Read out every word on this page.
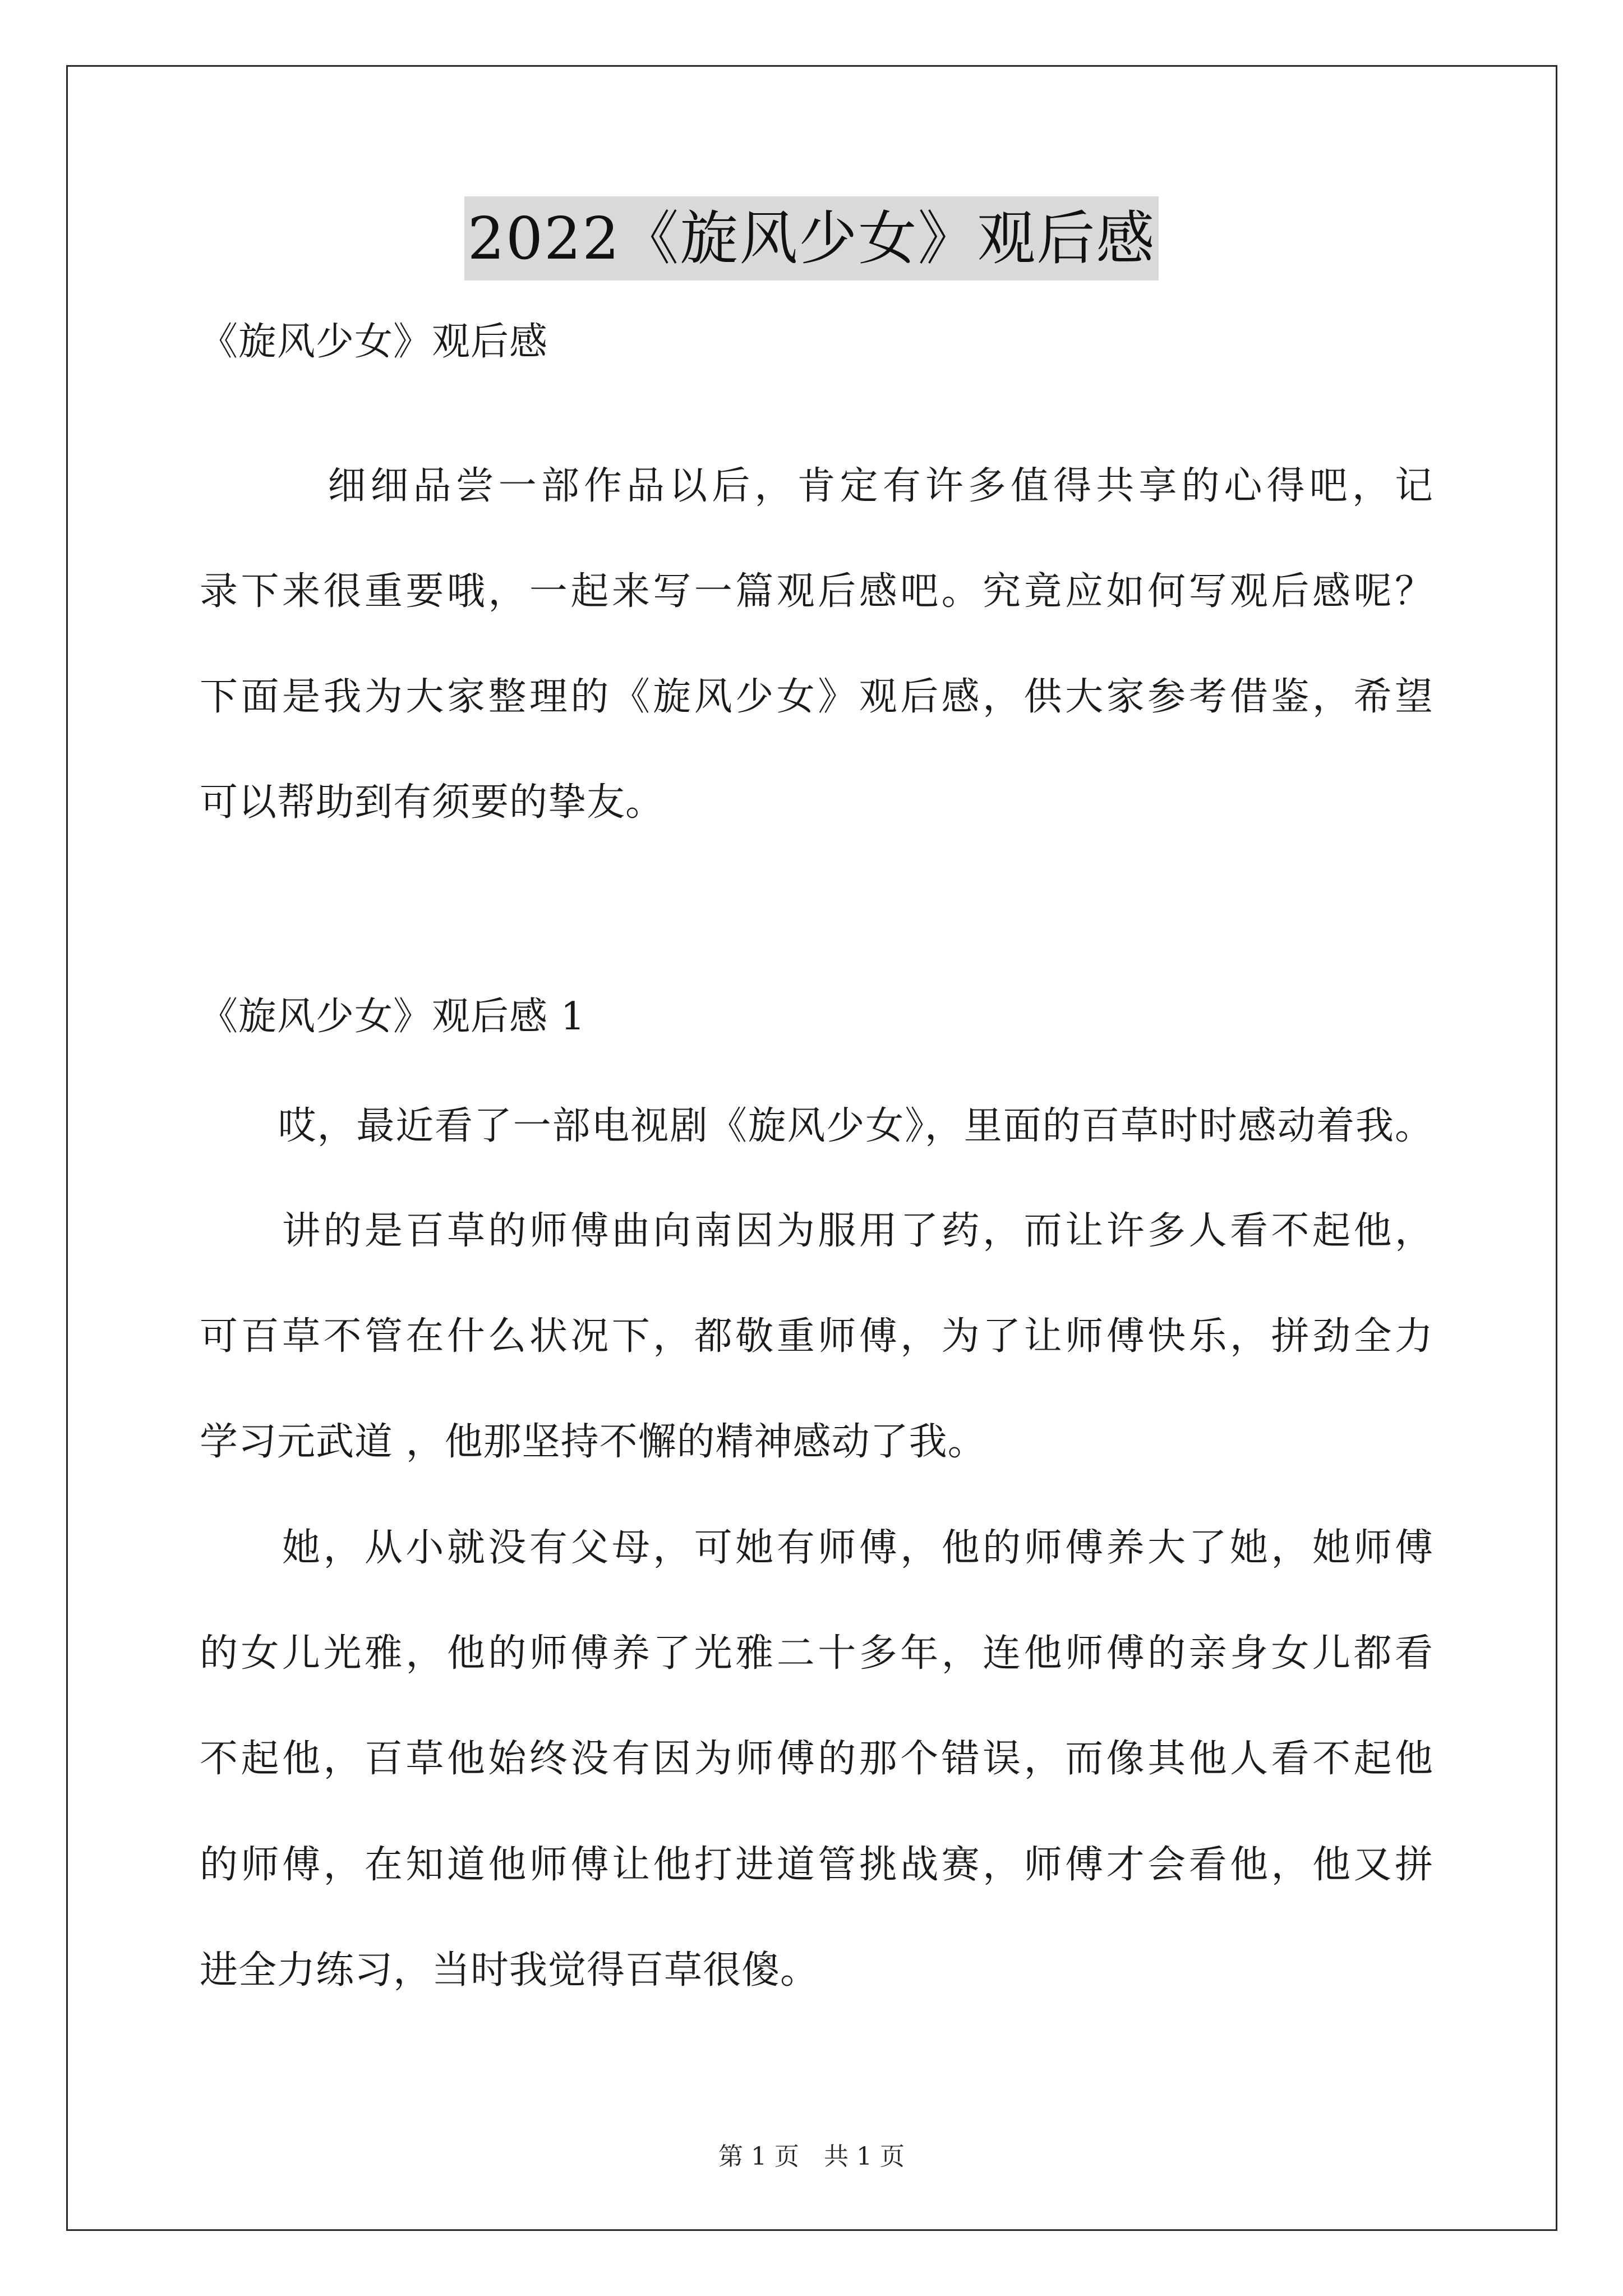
2022《旋风少女》观后感
《旋风少女》观后感
　　　细细品尝一部作品以后，肯定有许多值得共享的心得吧，记
录下来很重要哦，一起来写一篇观后感吧。究竟应如何写观后感呢？
下面是我为大家整理的《旋风少女》观后感，供大家参考借鉴，希望
可以帮助到有须要的挚友。
《旋风少女》观后感 1
　　哎，最近看了一部电视剧《旋风少女》，里面的百草时时感动着我。
　　讲的是百草的师傅曲向南因为服用了药，而让许多人看不起他，
可百草不管在什么状况下，都敬重师傅，为了让师傅快乐，拼劲全力
学习元武道 ，他那坚持不懈的精神感动了我。
　　她，从小就没有父母，可她有师傅，他的师傅养大了她，她师傅
的女儿光雅，他的师傅养了光雅二十多年，连他师傅的亲身女儿都看
不起他，百草他始终没有因为师傅的那个错误，而像其他人看不起他
的师傅，在知道他师傅让他打进道管挑战赛，师傅才会看他，他又拼
进全力练习，当时我觉得百草很傻。
第 1 页　共 1 页
